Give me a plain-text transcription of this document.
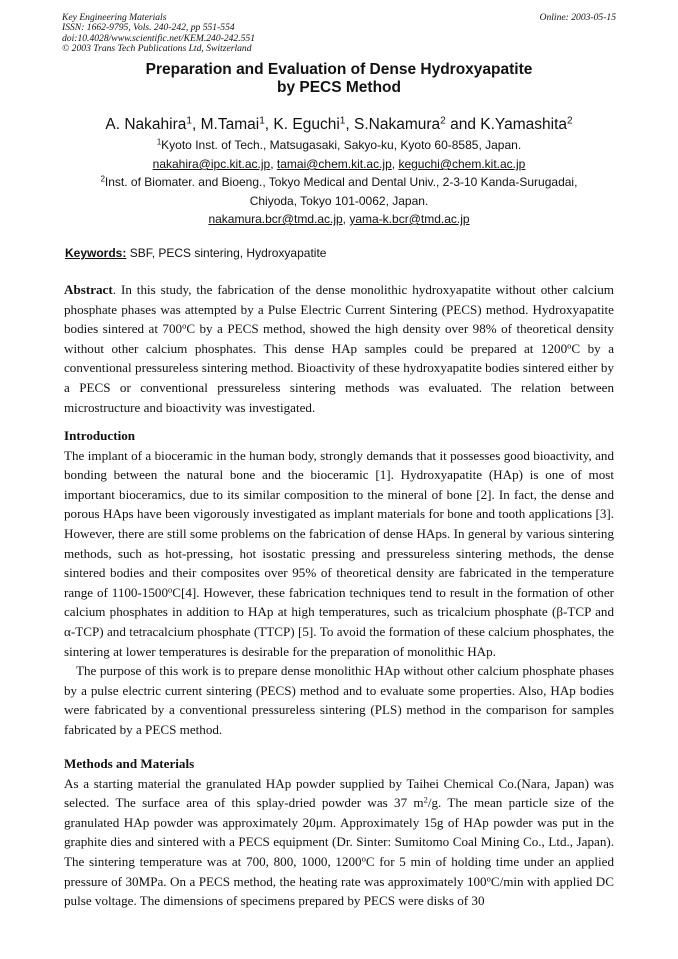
Key Engineering Materials
ISSN: 1662-9795, Vols. 240-242, pp 551-554
doi:10.4028/www.scientific.net/KEM.240-242.551
© 2003 Trans Tech Publications Ltd, Switzerland
Online: 2003-05-15
Preparation and Evaluation of Dense Hydroxyapatite
by PECS Method
A. Nakahira$^1$, M.Tamai$^1$, K. Eguchi$^1$, S.Nakamura$^2$ and K.Yamashita$^2$
$^1$Kyoto Inst. of Tech., Matsugasaki, Sakyo-ku, Kyoto 60-8585, Japan.
nakahira@ipc.kit.ac.jp, tamai@chem.kit.ac.jp, keguchi@chem.kit.ac.jp
$^2$Inst. of Biomater. and Bioeng., Tokyo Medical and Dental Univ., 2-3-10 Kanda-Surugadai,
Chiyoda, Tokyo 101-0062, Japan.
nakamura.bcr@tmd.ac.jp, yama-k.bcr@tmd.ac.jp
Keywords: SBF, PECS sintering, Hydroxyapatite

Abstract. In this study, the fabrication of the dense monolithic hydroxyapatite without other calcium phosphate phases was attempted by a Pulse Electric Current Sintering (PECS) method. Hydroxyapatite bodies sintered at 700$^o$C by a PECS method, showed the high density over 98% of theoretical density without other calcium phosphates. This dense HAp samples could be prepared at 1200$^o$C by a conventional pressureless sintering method. Bioactivity of these hydroxyapatite bodies sintered either by a PECS or conventional pressureless sintering methods was evaluated. The relation between microstructure and bioactivity was investigated.

Introduction

The implant of a bioceramic in the human body, strongly demands that it possesses good bioactivity, and bonding between the natural bone and the bioceramic [1]. Hydroxyapatite (HAp) is one of most important bioceramics, due to its similar composition to the mineral of bone [2]. In fact, the dense and porous HAps have been vigorously investigated as implant materials for bone and tooth applications [3]. However, there are still some problems on the fabrication of dense HAps. In general by various sintering methods, such as hot-pressing, hot isostatic pressing and pressureless sintering methods, the dense sintered bodies and their composites over 95% of theoretical density are fabricated in the temperature range of 1100-1500$^o$C[4]. However, these fabrication techniques tend to result in the formation of other calcium phosphates in addition to HAp at high temperatures, such as tricalcium phosphate (β-TCP and α-TCP) and tetracalcium phosphate (TTCP) [5]. To avoid the formation of these calcium phosphates, the sintering at lower temperatures is desirable for the preparation of monolithic HAp.

The purpose of this work is to prepare dense monolithic HAp without other calcium phosphate phases by a pulse electric current sintering (PECS) method and to evaluate some properties. Also, HAp bodies were fabricated by a conventional pressureless sintering (PLS) method in the comparison for samples fabricated by a PECS method.

Methods and Materials

As a starting material the granulated HAp powder supplied by Taihei Chemical Co.(Nara, Japan) was selected. The surface area of this splay-dried powder was 37 $m^2/g$. The mean particle size of the granulated HAp powder was approximately 20μm. Approximately 15g of HAp powder was put in the graphite dies and sintered with a PECS equipment (Dr. Sinter: Sumitomo Coal Mining Co., Ltd., Japan). The sintering temperature was at 700, 800, 1000, 1200$^o$C for 5 min of holding time under an applied pressure of 30MPa. On a PECS method, the heating rate was approximately 100$^o$C/min with applied DC pulse voltage. The dimensions of specimens prepared by PECS were disks of 30
